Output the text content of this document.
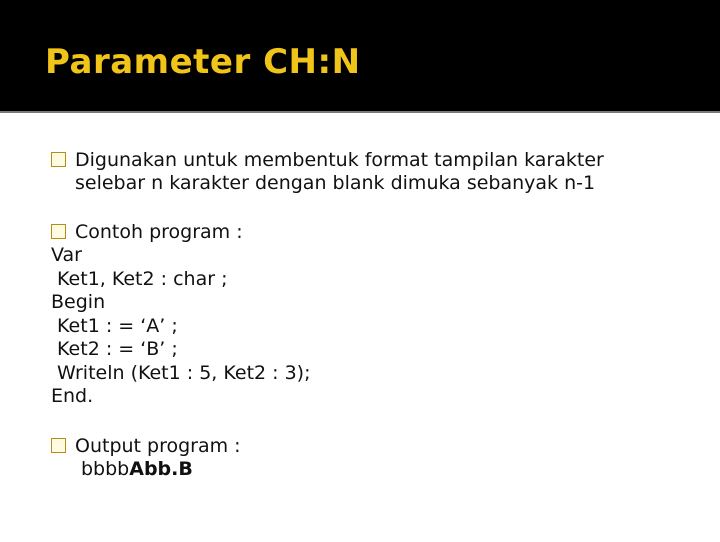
Parameter CH:N
Digunakan untuk membentuk format tampilan karakter
selebar n karakter dengan blank dimuka sebanyak n-1
Contoh program :
Var
Ket1, Ket2 : char ;
Begin
Ket1 : = ‘A’ ;
Ket2 : = ‘B’ ;
Writeln (Ket1 : 5, Ket2 : 3);
End.
Output program :
bbbbAbb.B
